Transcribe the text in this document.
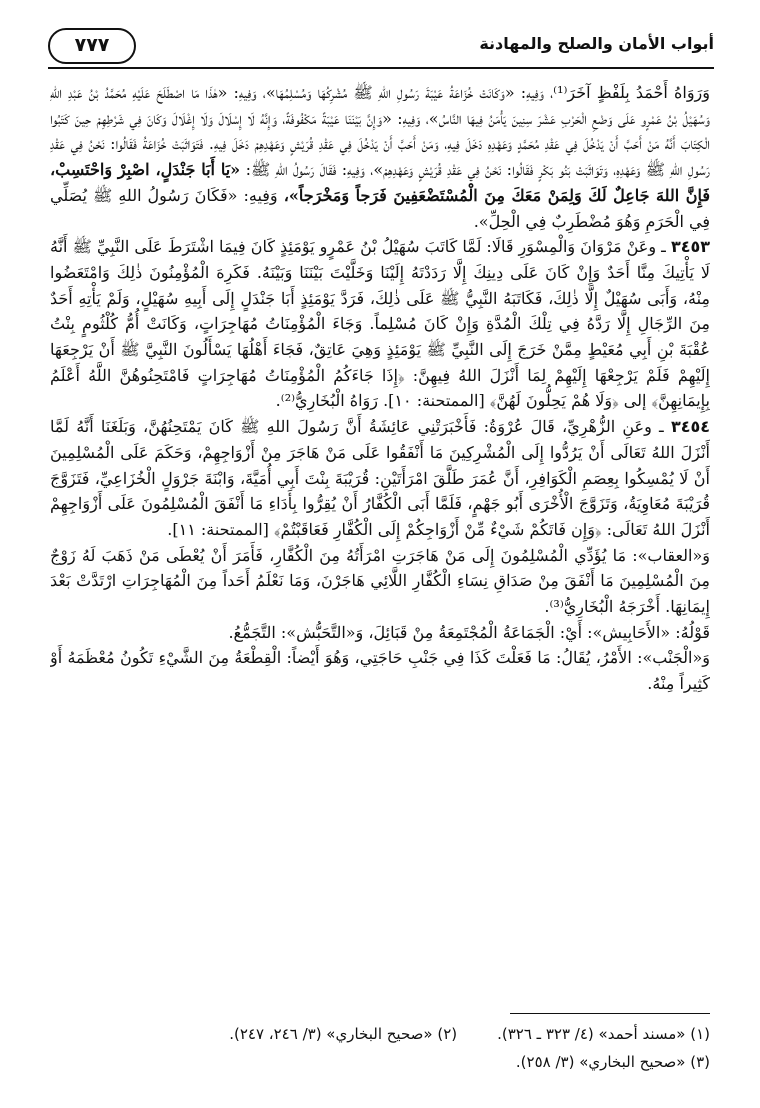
أبواب الأمان والصلح والمهادنة
٧٧٧

وَرَوَاهُ أَحْمَدُ بِلَفْظٍ آخَرَ⁽¹⁾، وَفِيهِ: «وَكَانَتْ خُزَاعَةُ عَيْبَةَ رَسُولِ اللهِ ﷺ مُشْرِكُهَا وَمُسْلِمُهَا»، وَفِيهِ: «هٰذَا مَا اصْطَلَحَ عَلَيْهِ مُحَمَّدُ بْنُ عَبْدِ اللهِ وَسُهَيْلُ بْنُ عَمْرٍو عَلَى وَضْعِ الْحَرْبِ عَشْرَ سِنِينَ يَأْمَنُ فِيهَا النَّاسُ»، وَفِيهِ: «وَإِنَّ بَيْنَنَا عَيْبَةً مَكْفُوفَةً، وَإِنَّهُ لَا إِسْلَالَ وَلَا إِغْلَالَ وَكَانَ فِي شَرْطِهِمْ حِينَ كَتَبُوا الْكِتَابَ أَنَّهُ مَنْ أَحَبَّ أَنْ يَدْخُلَ فِي عَقْدِ مُحَمَّدٍ وَعَهْدِهِ دَخَلَ فِيهِ، وَمَنْ أَحَبَّ أَنْ يَدْخُلَ فِي عَقْدِ قُرَيْشٍ وَعَهْدِهِمْ دَخَلَ فِيهِ. فَتَوَاثَبَتْ خُزَاعَةُ فَقَالُوا: نَحْنُ فِي عَقْدِ رَسُولِ اللهِ ﷺ وَعَهْدِهِ، وَتَوَاثَبَتْ بَنُو بَكْرٍ فَقَالُوا: نَحْنُ فِي عَقْدِ قُرَيْشٍ وَعَهْدِهِمْ»، وَفِيهِ: فَقَالَ رَسُولُ اللهِ ﷺ: «يَا أَبَا جَنْدَلٍ، اصْبِرْ وَاحْتَسِبْ، فَإِنَّ اللهَ جَاعِلٌ لَكَ وَلِمَنْ مَعَكَ مِنَ الْمُسْتَضْعَفِينَ فَرَجاً وَمَخْرَجاً»، وَفِيهِ: «فَكَانَ رَسُولُ اللهِ ﷺ يُصَلِّي فِي الْحَرَمِ وَهُوَ مُضْطَرِبٌ فِي الْحِلِّ».

٣٤٥٣ ـ وعَنْ مَرْوَانَ وَالْمِسْوَرِ قَالَا: لَمَّا كَاتَبَ سُهَيْلُ بْنُ عَمْرٍو يَوْمَئِذٍ كَانَ فِيمَا اشْتَرَطَ عَلَى النَّبِيِّ ﷺ أَنَّهُ لَا يَأْتِيكَ مِنَّا أَحَدٌ وَإِنْ كَانَ عَلَى دِينِكَ إِلَّا رَدَدْتَهُ إِلَيْنَا وَخَلَّيْتَ بَيْنَنَا وَبَيْنَهُ. فَكَرِهَ الْمُؤْمِنُونَ ذٰلِكَ وَامْتَعَضُوا مِنْهُ، وَأَبَى سُهَيْلٌ إِلَّا ذٰلِكَ، فَكَاتَبَهُ النَّبِيُّ ﷺ عَلَى ذٰلِكَ، فَرَدَّ يَوْمَئِذٍ أَبَا جَنْدَلٍ إِلَى أَبِيهِ سُهَيْلٍ، وَلَمْ يَأْتِهِ أَحَدٌ مِنَ الرِّجَالِ إِلَّا رَدَّهُ فِي تِلْكَ الْمُدَّةِ وَإِنْ كَانَ مُسْلِماً. وَجَاءَ الْمُؤْمِنَاتُ مُهَاجِرَاتٍ، وَكَانَتْ أُمُّ كُلْثُومٍ بِنْتُ عُقْبَةَ بْنِ أَبِي مُعَيْطٍ مِمَّنْ خَرَجَ إِلَى النَّبِيِّ ﷺ يَوْمَئِذٍ وَهِيَ عَاتِقٌ، فَجَاءَ أَهْلُهَا يَسْأَلُونَ النَّبِيَّ ﷺ أَنْ يَرْجِعَهَا إِلَيْهِمْ فَلَمْ يَرْجِعْهَا إِلَيْهِمْ لِمَا أَنْزَلَ اللهُ فِيهِنَّ: ﴿إِذَا جَاءَكُمُ الْمُؤْمِنَاتُ مُهَاجِرَاتٍ فَامْتَحِنُوهُنَّ اللَّهُ أَعْلَمُ بِإِيمَانِهِنَّ﴾ إلى ﴿وَلَا هُمْ يَحِلُّونَ لَهُنَّ﴾ [الممتحنة: ١٠]. رَوَاهُ الْبُخَارِيُّ⁽²⁾.

٣٤٥٤ ـ وعَنِ الزُّهْرِيِّ، قَالَ عُرْوَةُ: فَأَخْبَرَتْنِي عَائِشَةُ أَنَّ رَسُولَ اللهِ ﷺ كَانَ يَمْتَحِنُهُنَّ، وَبَلَغَنَا أَنَّهُ لَمَّا أَنْزَلَ اللهُ تَعَالَى أَنْ يَرُدُّوا إِلَى الْمُشْرِكِينَ مَا أَنْفَقُوا عَلَى مَنْ هَاجَرَ مِنْ أَزْوَاجِهِمْ، وَحَكَمَ عَلَى الْمُسْلِمِينَ أَنْ لَا يُمْسِكُوا بِعِصَمِ الْكَوَافِرِ، أَنَّ عُمَرَ طَلَّقَ امْرَأَتَيْنِ: قُرَيْبَةَ بِنْتَ أَبِي أُمَيَّةَ، وَابْنَةَ جَرْوَلٍ الْخُزَاعِيِّ، فَتَزَوَّجَ قُرَيْبَةَ مُعَاوِيَةُ، وَتَزَوَّجَ الْأُخْرَى أَبُو جَهْمٍ، فَلَمَّا أَبَى الْكُفَّارُ أَنْ يُقِرُّوا بِأَدَاءِ مَا أَنْفَقَ الْمُسْلِمُونَ عَلَى أَزْوَاجِهِمْ أَنْزَلَ اللهُ تَعَالَى: ﴿وَإِن فَاتَكُمْ شَيْءٌ مِّنْ أَزْوَاجِكُمْ إِلَى الْكُفَّارِ فَعَاقَبْتُمْ﴾ [الممتحنة: ١١].

وَ«العقاب»: مَا يُؤَدِّي الْمُسْلِمُونَ إِلَى مَنْ هَاجَرَتِ امْرَأَتُهُ مِنَ الْكُفَّارِ، فَأَمَرَ أَنْ يُعْطَى مَنْ ذَهَبَ لَهُ زَوْجٌ مِنَ الْمُسْلِمِينَ مَا أَنْفَقَ مِنْ صَدَاقِ نِسَاءِ الْكُفَّارِ اللَّائِي هَاجَرْنَ، وَمَا نَعْلَمُ أَحَداً مِنَ الْمُهَاجِرَاتِ ارْتَدَّتْ بَعْدَ إِيمَانِهَا. أَخْرَجَهُ الْبُخَارِيُّ⁽³⁾.

قَوْلُهُ: «الأَحَابِيش»: أَيْ: الْجَمَاعَةُ الْمُجْتَمِعَةُ مِنْ قَبَائِلَ، وَ«التَّحَبُّش»: التَّجَمُّعُ.

وَ«الْجَنْب»: الأَمْرُ، يُقَالُ: مَا فَعَلْتَ كَذَا فِي جَنْبِ حَاجَتِي، وَهُوَ أَيْضاً: الْقِطْعَةُ مِنَ الشَّيْءِ تَكُونُ مُعْظَمَهُ أَوْ كَثِيراً مِنْهُ.

(١) «مسند أحمد» (٤/ ٣٢٣ ـ ٣٢٦).
(٢) «صحيح البخاري» (٣/ ٢٤٦، ٢٤٧).
(٣) «صحيح البخاري» (٣/ ٢٥٨).
